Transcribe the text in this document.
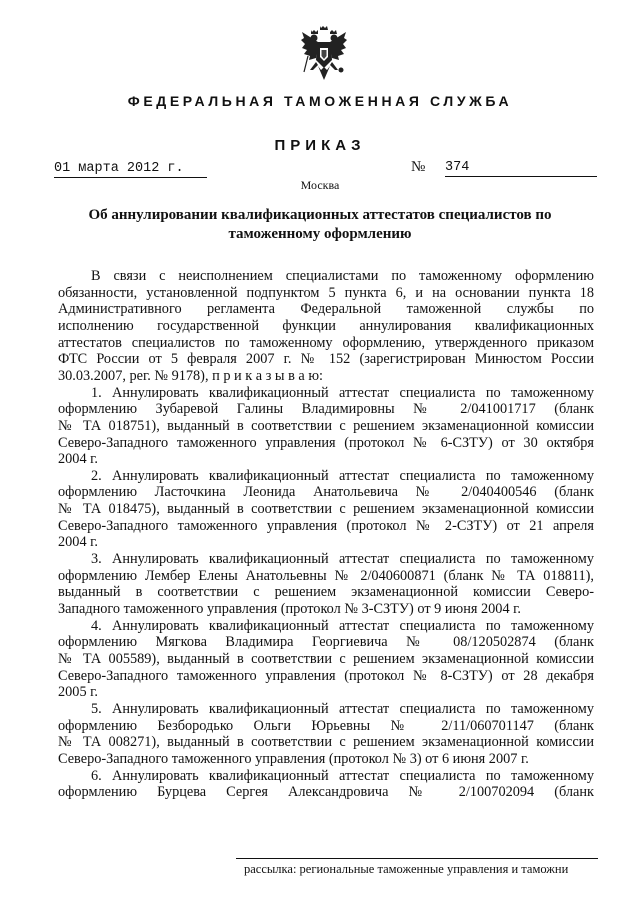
ФЕДЕРАЛЬНАЯ ТАМОЖЕННАЯ СЛУЖБА
ПРИКАЗ
01 марта 2012 г.	№ 374
Москва
Об аннулировании квалификационных аттестатов специалистов по
таможенному оформлению
В связи с неисполнением специалистами по таможенному оформлению
обязанности, установленной подпунктом 5 пункта 6, и на основании пункта 18
Административного регламента Федеральной таможенной службы по
исполнению государственной функции аннулирования квалификационных
аттестатов специалистов по таможенному оформлению, утвержденного приказом
ФТС России от 5 февраля 2007 г. № 152 (зарегистрирован Минюстом России
30.03.2007, рег. № 9178), п р и к а з ы в а ю:
1. Аннулировать квалификационный аттестат специалиста по таможенному
оформлению Зубаревой Галины Владимировны № 2/041001717 (бланк
№ ТА 018751), выданный в соответствии с решением экзаменационной комиссии
Северо-Западного таможенного управления (протокол № 6-СЗТУ) от 30 октября
2004 г.
2. Аннулировать квалификационный аттестат специалиста по таможенному
оформлению Ласточкина Леонида Анатольевича № 2/040400546 (бланк
№ ТА 018475), выданный в соответствии с решением экзаменационной комиссии
Северо-Западного таможенного управления (протокол № 2-СЗТУ) от 21 апреля
2004 г.
3. Аннулировать квалификационный аттестат специалиста по таможенному
оформлению Лембер Елены Анатольевны № 2/040600871 (бланк № ТА 018811),
выданный в соответствии с решением экзаменационной комиссии Северо-
Западного таможенного управления (протокол № 3-СЗТУ) от 9 июня 2004 г.
4. Аннулировать квалификационный аттестат специалиста по таможенному
оформлению Мягкова Владимира Георгиевича № 08/120502874 (бланк
№ ТА 005589), выданный в соответствии с решением экзаменационной комиссии
Северо-Западного таможенного управления (протокол № 8-СЗТУ) от 28 декабря
2005 г.
5. Аннулировать квалификационный аттестат специалиста по таможенному
оформлению Безбородько Ольги Юрьевны № 2/11/060701147 (бланк
№ ТА 008271), выданный в соответствии с решением экзаменационной комиссии
Северо-Западного таможенного управления (протокол № 3) от 6 июня 2007 г.
6. Аннулировать квалификационный аттестат специалиста по таможенному
оформлению Бурцева Сергея Александровича № 2/100702094 (бланк
рассылка: региональные таможенные управления и таможни
